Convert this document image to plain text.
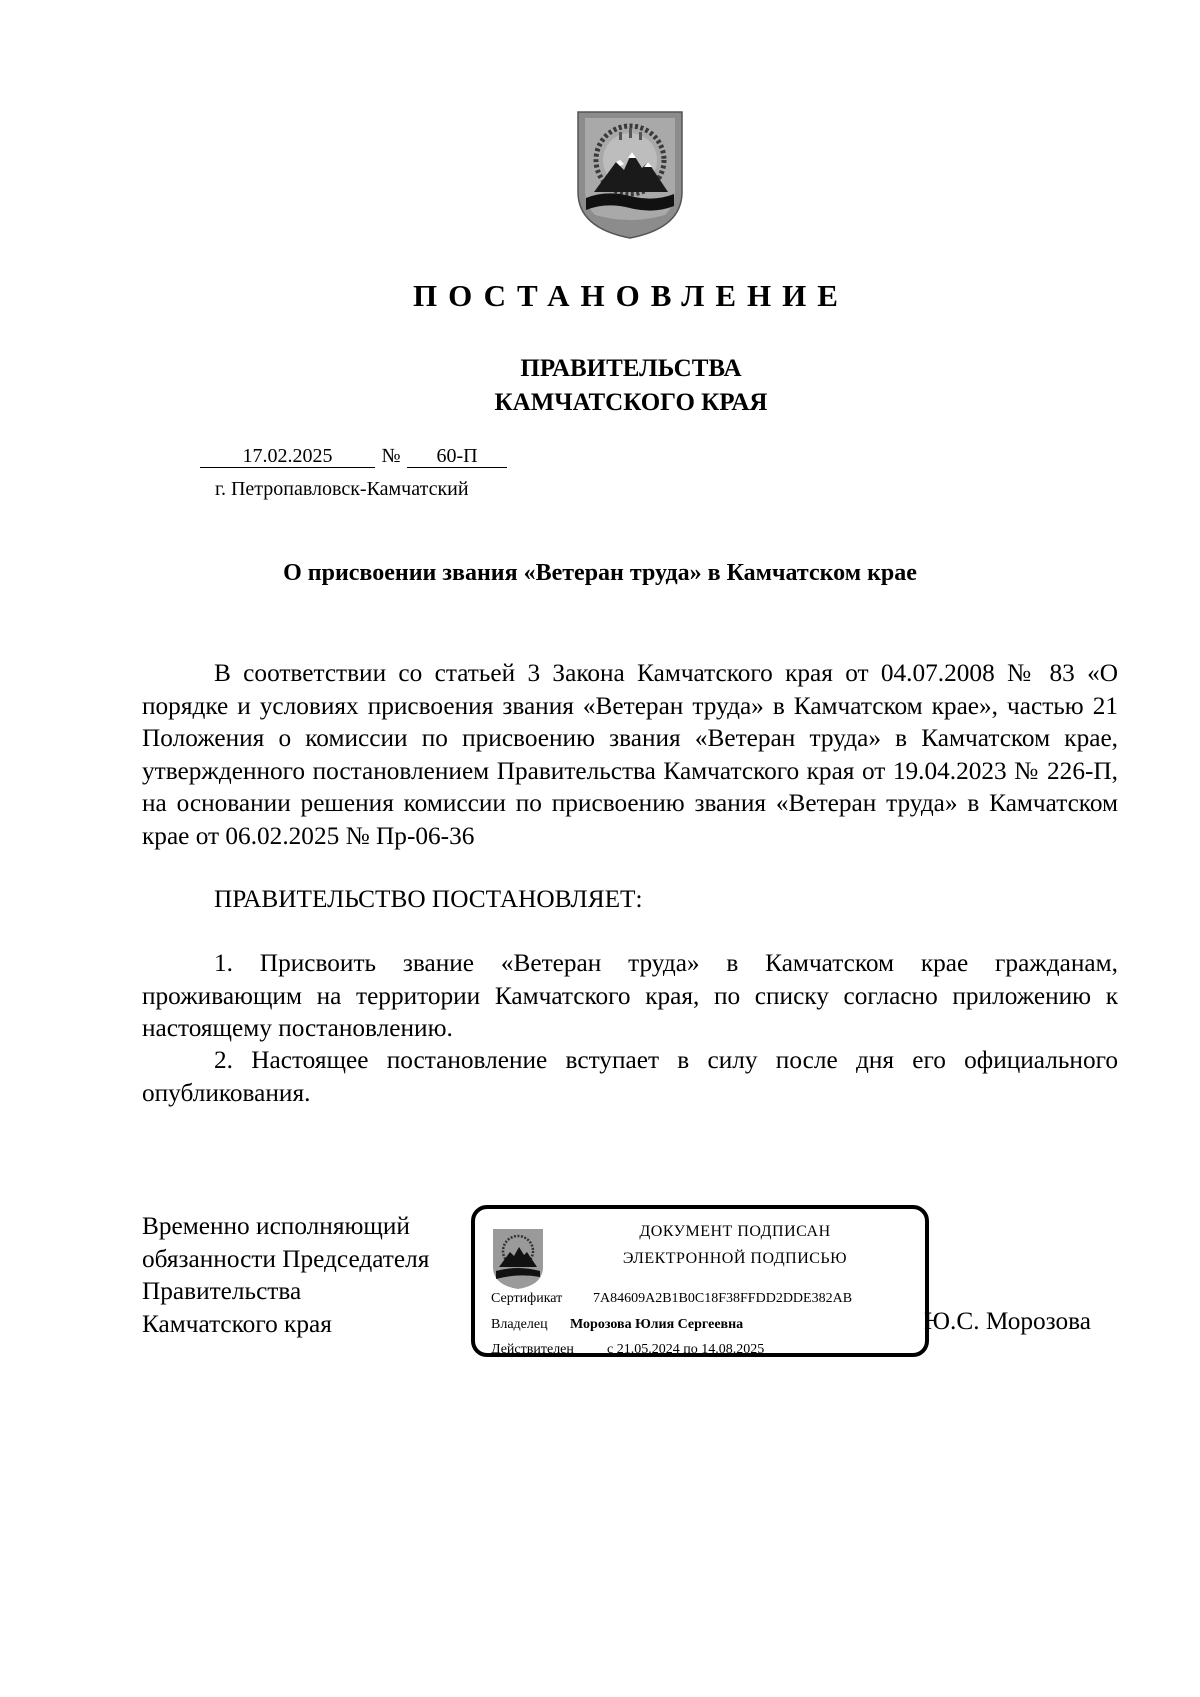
ПОСТАНОВЛЕНИЕ
ПРАВИТЕЛЬСТВА
КАМЧАТСКОГО КРАЯ
17.02.2025 № 60-П
г. Петропавловск-Камчатский
О присвоении звания «Ветеран труда» в Камчатском крае

В соответствии со статьей 3 Закона Камчатского края от 04.07.2008 № 83 «О порядке и условиях присвоения звания «Ветеран труда» в Камчатском крае», частью 21 Положения о комиссии по присвоению звания «Ветеран труда» в Камчатском крае, утвержденного постановлением Правительства Камчатского края от 19.04.2023 № 226-П, на основании решения комиссии по присвоению звания «Ветеран труда» в Камчатском крае от 06.02.2025 № Пр-06-36

ПРАВИТЕЛЬСТВО ПОСТАНОВЛЯЕТ:

1. Присвоить звание «Ветеран труда» в Камчатском крае гражданам, проживающим на территории Камчатского края, по списку согласно приложению к настоящему постановлению.

2. Настоящее постановление вступает в силу после дня его официального опубликования.

Временно исполняющий
обязанности Председателя
Правительства
Камчатского края
ДОКУМЕНТ ПОДПИСАН
ЭЛЕКТРОННОЙ ПОДПИСЬЮ
Сертификат 7A84609A2B1B0C18F38FFDD2DDE382AB
Владелец Морозова Юлия Сергеевна
Действителен с 21.05.2024 по 14.08.2025
Ю.С. Морозова
